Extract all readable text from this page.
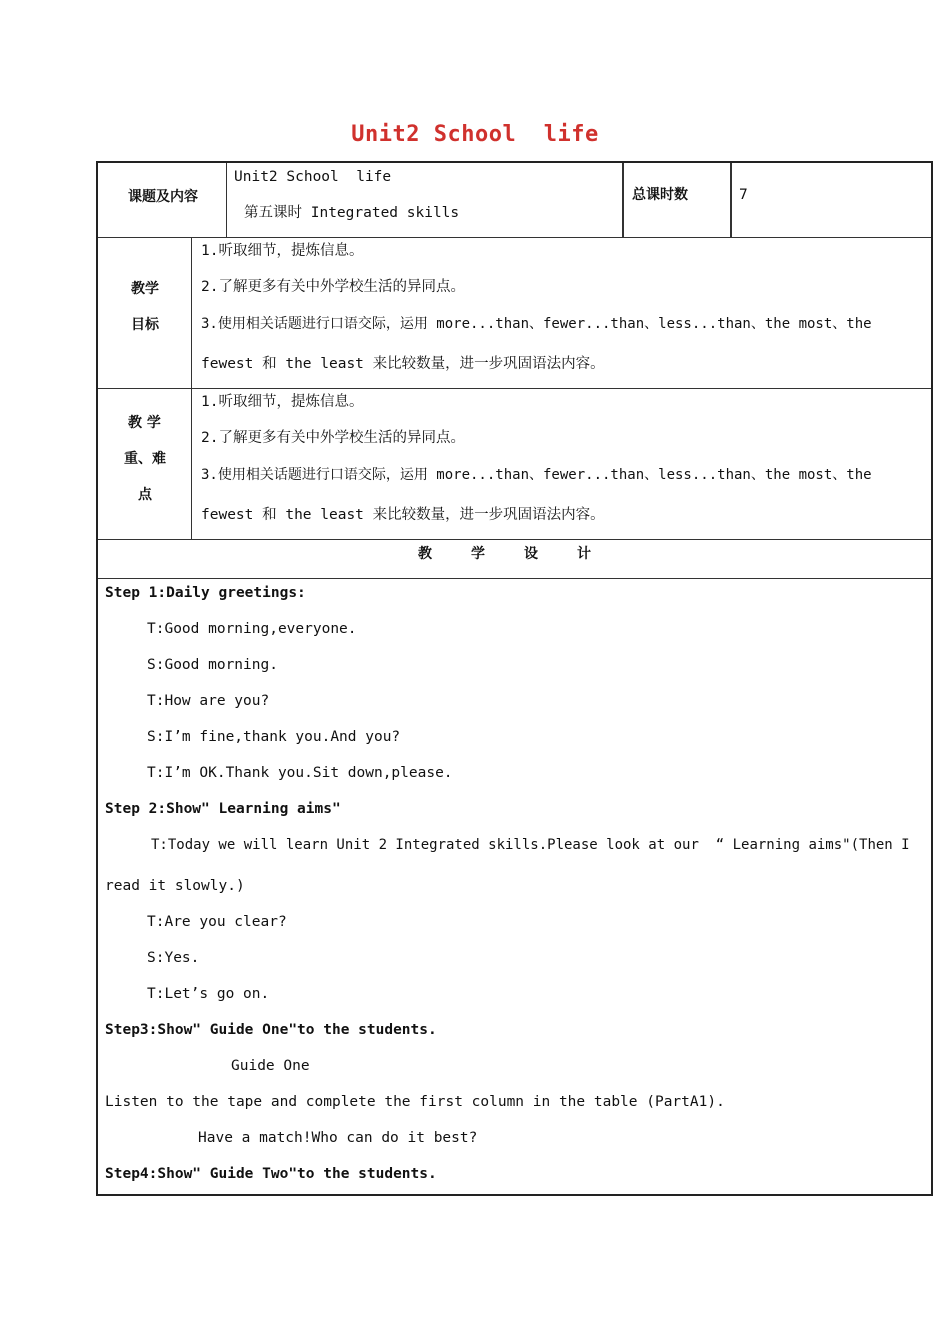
Unit2 School  life
课题及内容
Unit2 School  life
第五课时 Integrated skills
总课时数	7
教学
目标
1.听取细节，提炼信息。
2.了解更多有关中外学校生活的异同点。
3.使用相关话题进行口语交际，运用 more...than、fewer...than、less...than、the most、the
fewest 和 the least 来比较数量，进一步巩固语法内容。
教 学
重、难
点
1.听取细节，提炼信息。
2.了解更多有关中外学校生活的异同点。
3.使用相关话题进行口语交际，运用 more...than、fewer...than、less...than、the most、the
fewest 和 the least 来比较数量，进一步巩固语法内容。
教        学        设        计
Step 1:Daily greetings:
T:Good morning,everyone.
S:Good morning.
T:How are you?
S:I’m fine,thank you.And you?
T:I’m OK.Thank you.Sit down,please.
Step 2:Show" Learning aims"
T:Today we will learn Unit 2 Integrated skills.Please look at our  “ Learning aims"(Then I
read it slowly.)
T:Are you clear?
S:Yes.
T:Let’s go on.
Step3:Show" Guide One"to the students.
Guide One
Listen to the tape and complete the first column in the table (PartA1).
Have a match!Who can do it best?
Step4:Show" Guide Two"to the students.
